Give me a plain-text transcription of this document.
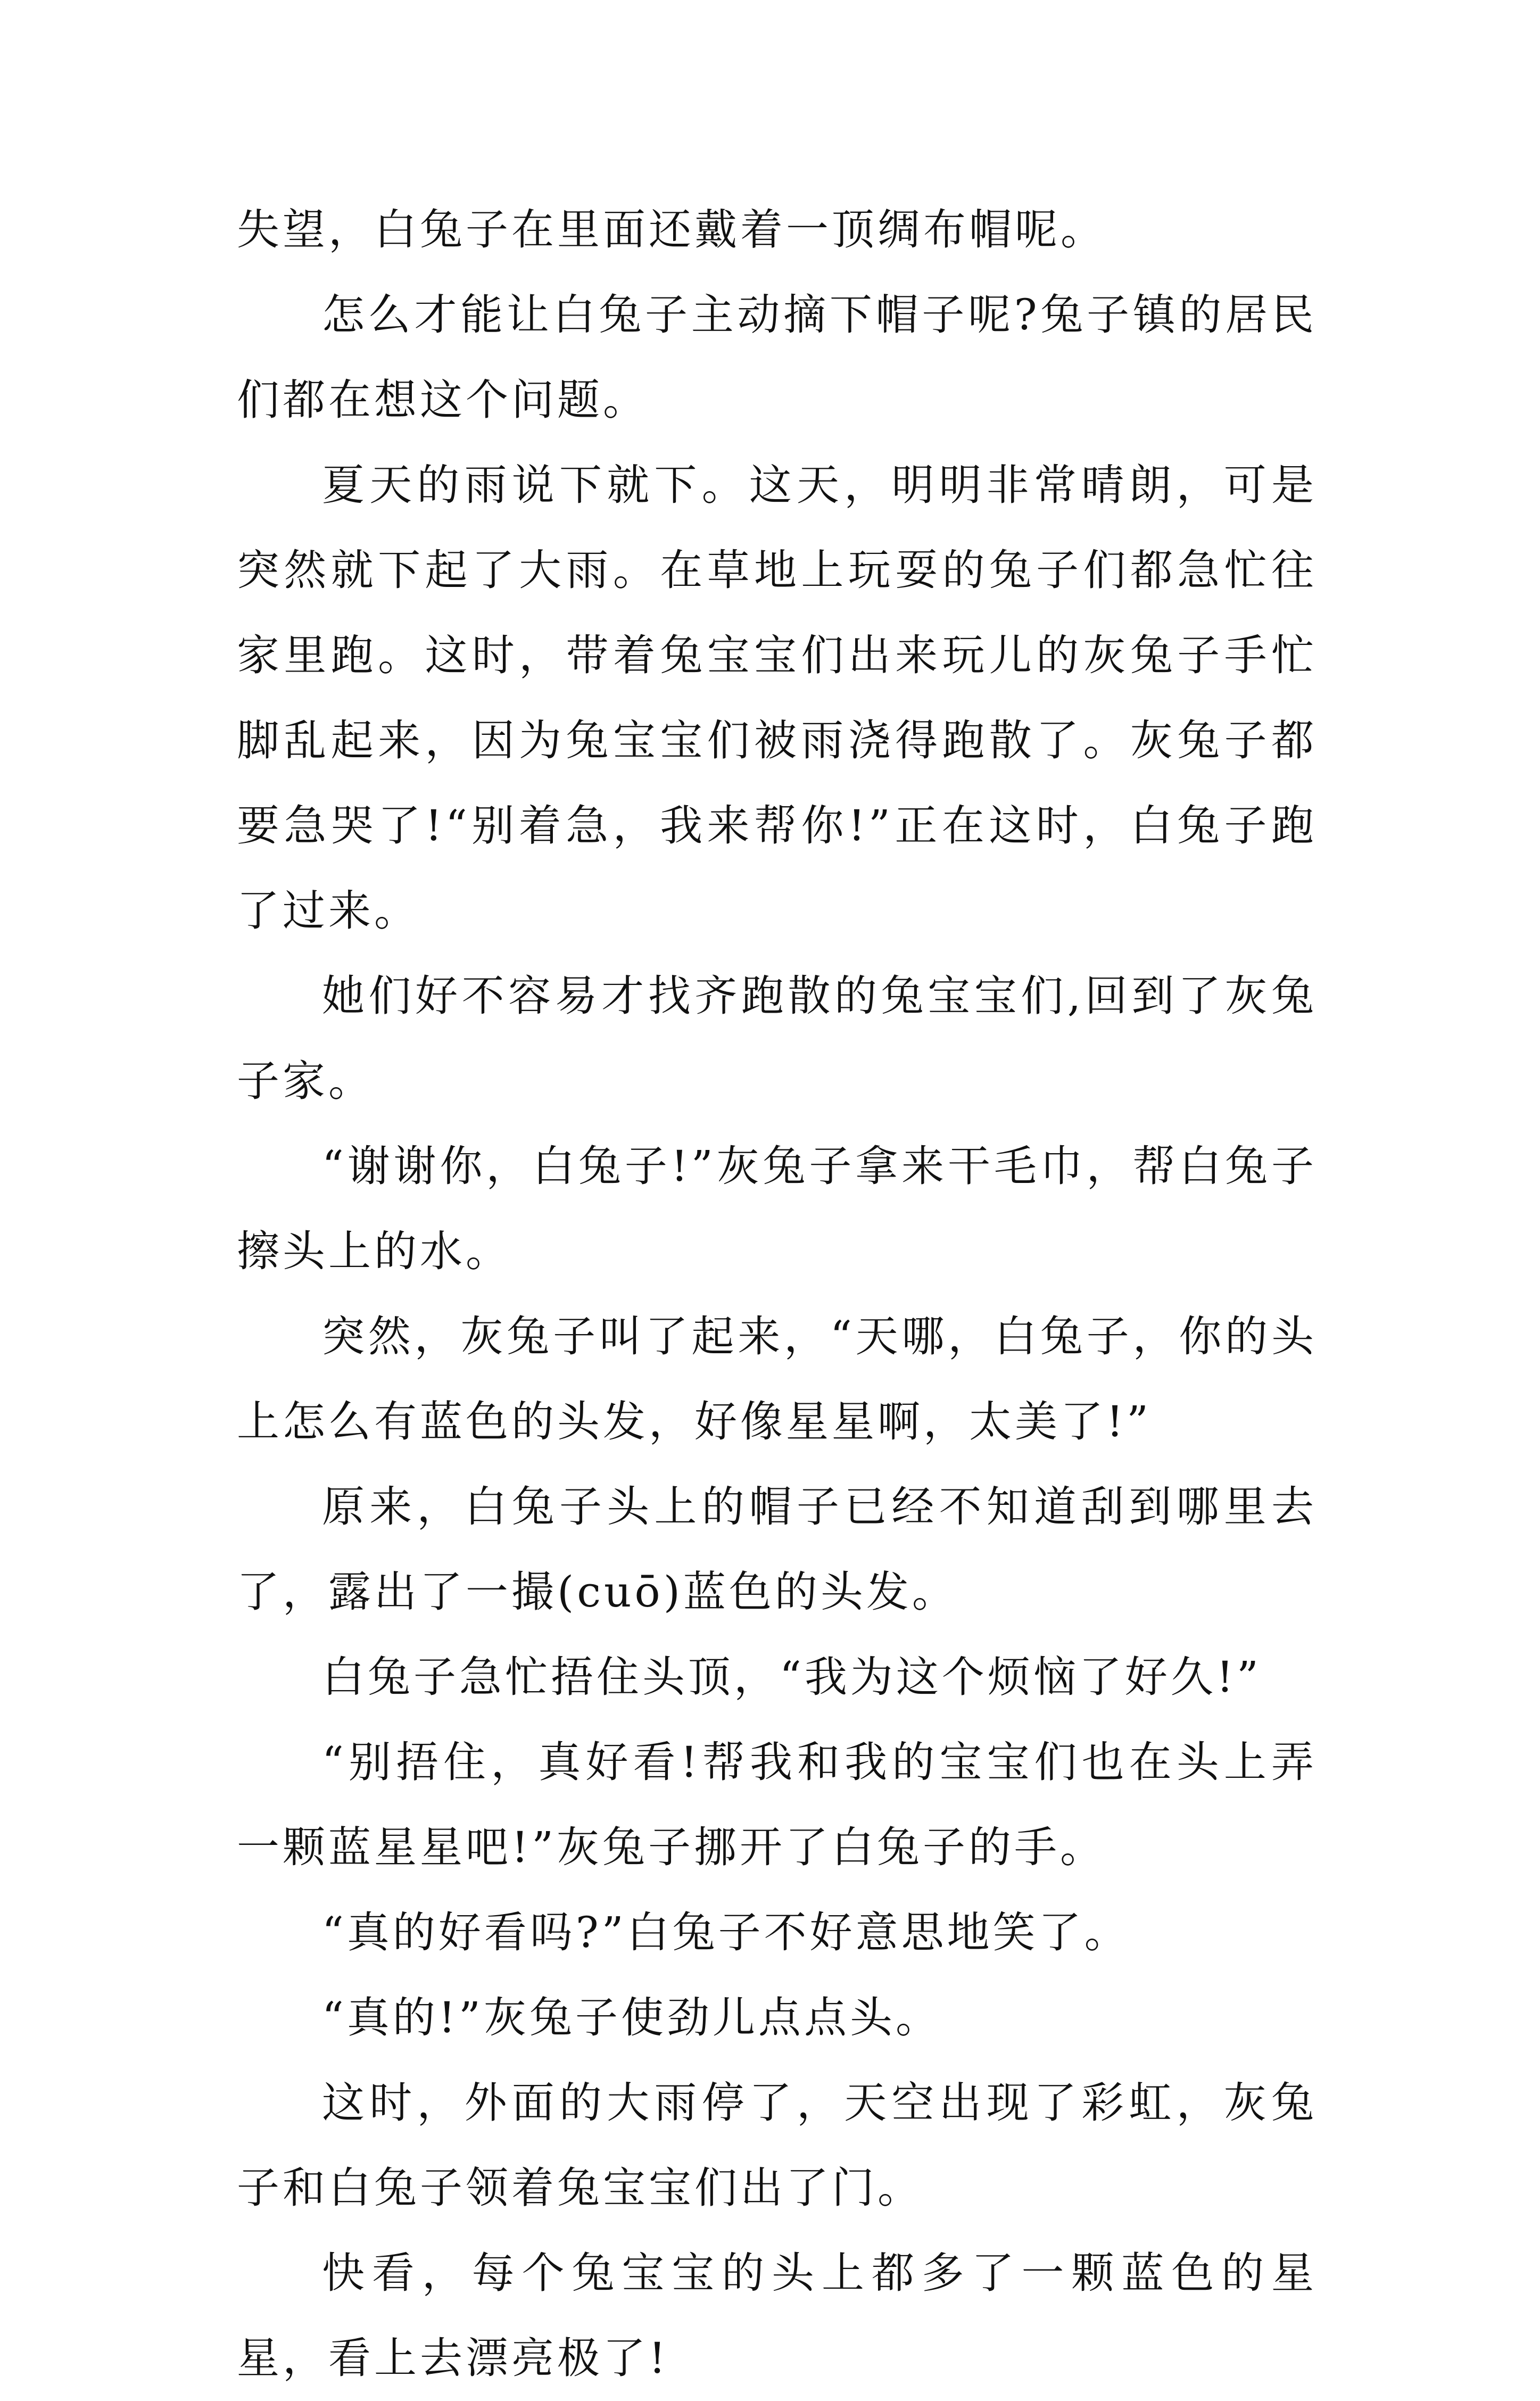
失望，白兔子在里面还戴着一顶绸布帽呢。

怎么才能让白兔子主动摘下帽子呢?兔子镇的居民们都在想这个问题。

夏天的雨说下就下。这天，明明非常晴朗，可是突然就下起了大雨。在草地上玩耍的兔子们都急忙往家里跑。这时，带着兔宝宝们出来玩儿的灰兔子手忙脚乱起来，因为兔宝宝们被雨浇得跑散了。灰兔子都要急哭了!“别着急，我来帮你!”正在这时，白兔子跑了过来。

她们好不容易才找齐跑散的兔宝宝们,回到了灰兔子家。

“谢谢你，白兔子!”灰兔子拿来干毛巾，帮白兔子擦头上的水。

突然，灰兔子叫了起来，“天哪，白兔子，你的头上怎么有蓝色的头发，好像星星啊，太美了!”

原来，白兔子头上的帽子已经不知道刮到哪里去了，露出了一撮(cuō)蓝色的头发。

白兔子急忙捂住头顶，“我为这个烦恼了好久!”

“别捂住，真好看!帮我和我的宝宝们也在头上弄一颗蓝星星吧!”灰兔子挪开了白兔子的手。

“真的好看吗?”白兔子不好意思地笑了。

“真的!”灰兔子使劲儿点点头。

这时，外面的大雨停了，天空出现了彩虹，灰兔子和白兔子领着兔宝宝们出了门。

快看，每个兔宝宝的头上都多了一颗蓝色的星星，看上去漂亮极了!
